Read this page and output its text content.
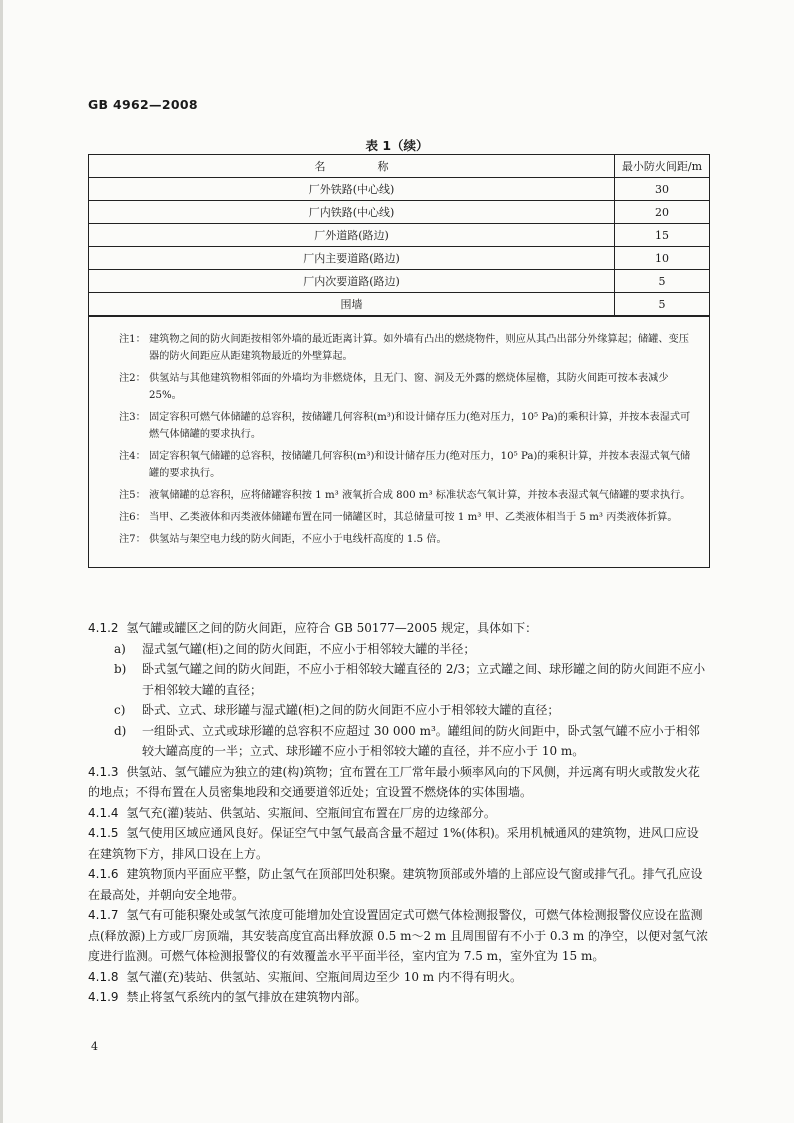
GB 4962—2008
表 1（续）
名称	最小防火间距/m
厂外铁路(中心线)	30
厂内铁路(中心线)	20
厂外道路(路边)	15
厂内主要道路(路边)	10
厂内次要道路(路边)	5
围墙	5
注1： 建筑物之间的防火间距按相邻外墙的最近距离计算。如外墙有凸出的燃烧物件，则应从其凸出部分外缘算起；储罐、变压器的防火间距应从距建筑物最近的外壁算起。
注2： 供氢站与其他建筑物相邻面的外墙均为非燃烧体，且无门、窗、洞及无外露的燃烧体屋檐，其防火间距可按本表减少 25%。
注3： 固定容积可燃气体储罐的总容积，按储罐几何容积(m³)和设计储存压力(绝对压力，10⁵ Pa)的乘积计算，并按本表湿式可燃气体储罐的要求执行。
注4： 固定容积氧气储罐的总容积，按储罐几何容积(m³)和设计储存压力(绝对压力，10⁵ Pa)的乘积计算，并按本表湿式氧气储罐的要求执行。
注5： 液氧储罐的总容积，应将储罐容积按 1 m³ 液氧折合成 800 m³ 标准状态气氧计算，并按本表湿式氧气储罐的要求执行。
注6： 当甲、乙类液体和丙类液体储罐布置在同一储罐区时，其总储量可按 1 m³ 甲、乙类液体相当于 5 m³ 丙类液体折算。
注7： 供氢站与架空电力线的防火间距，不应小于电线杆高度的 1.5 倍。

4.1.2 氢气罐或罐区之间的防火间距，应符合 GB 50177—2005 规定，具体如下：

a)	湿式氢气罐(柜)之间的防火间距，不应小于相邻较大罐的半径；
b)	卧式氢气罐之间的防火间距，不应小于相邻较大罐直径的 2/3；立式罐之间、球形罐之间的防火间距不应小于相邻较大罐的直径；
c)	卧式、立式、球形罐与湿式罐(柜)之间的防火间距不应小于相邻较大罐的直径；
d)	一组卧式、立式或球形罐的总容积不应超过 30 000 m³。罐组间的防火间距中，卧式氢气罐不应小于相邻较大罐高度的一半；立式、球形罐不应小于相邻较大罐的直径，并不应小于 10 m。

4.1.3 供氢站、氢气罐应为独立的建(构)筑物；宜布置在工厂常年最小频率风向的下风侧，并远离有明火或散发火花的地点；不得布置在人员密集地段和交通要道邻近处；宜设置不燃烧体的实体围墙。

4.1.4 氢气充(灌)装站、供氢站、实瓶间、空瓶间宜布置在厂房的边缘部分。

4.1.5 氢气使用区域应通风良好。保证空气中氢气最高含量不超过 1%(体积)。采用机械通风的建筑物，进风口应设在建筑物下方，排风口设在上方。

4.1.6 建筑物顶内平面应平整，防止氢气在顶部凹处积聚。建筑物顶部或外墙的上部应设气窗或排气孔。排气孔应设在最高处，并朝向安全地带。

4.1.7 氢气有可能积聚处或氢气浓度可能增加处宜设置固定式可燃气体检测报警仪，可燃气体检测报警仪应设在监测点(释放源)上方或厂房顶端，其安装高度宜高出释放源 0.5 m～2 m 且周围留有不小于 0.3 m 的净空，以便对氢气浓度进行监测。可燃气体检测报警仪的有效覆盖水平平面半径，室内宜为 7.5 m，室外宜为 15 m。

4.1.8 氢气灌(充)装站、供氢站、实瓶间、空瓶间周边至少 10 m 内不得有明火。

4.1.9 禁止将氢气系统内的氢气排放在建筑物内部。

4
